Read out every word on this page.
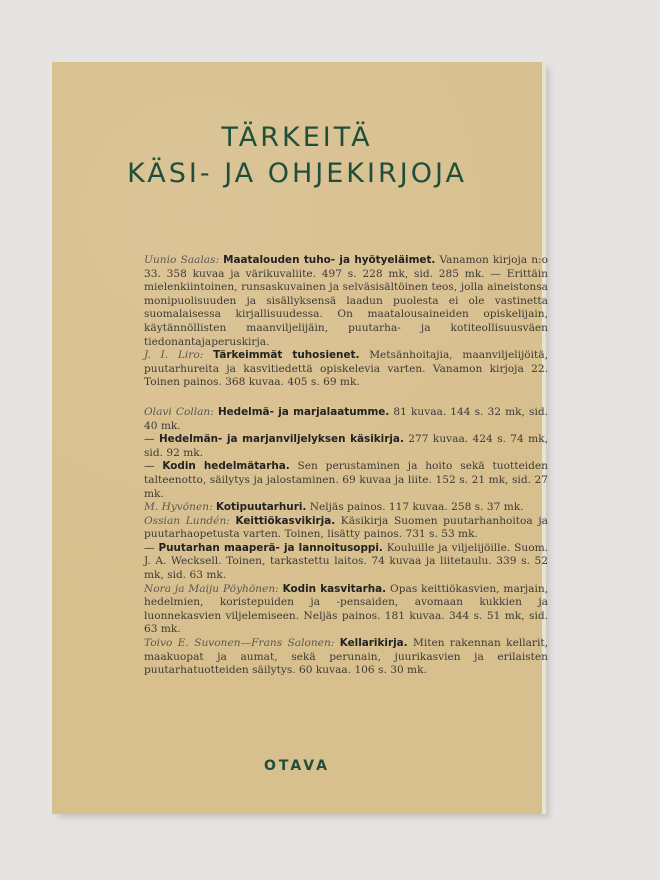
TÄRKEITÄ
KÄSI- JA OHJEKIRJOJA

Uunio Saalas: Maatalouden tuho- ja hyötyeläimet. Vanamon kirjoja n:o 33. 358 kuvaa ja värikuvaliite. 497 s. 228 mk, sid. 285 mk. — Erittäin mielenkiintoinen, runsaskuvainen ja selväsisältöinen teos, jolla aineistonsa monipuolisuuden ja sisällyksensä laadun puolesta ei ole vastinetta suomalaisessa kirjallisuudessa. On maatalousaineiden opiskelijain, käytännöllisten maanviljelijäin, puutarha- ja kotiteollisuusväen tiedonantajaperuskirja.

J. I. Liro: Tärkeimmät tuhosienet. Metsänhoitajia, maanviljelijöitä, puutarhureita ja kasvitiedettä opiskelevia varten. Vanamon kirjoja 22. Toinen painos. 368 kuvaa. 405 s. 69 mk.

Olavi Collan: Hedelmä- ja marjalaatumme. 81 kuvaa. 144 s. 32 mk, sid. 40 mk.

— Hedelmän- ja marjanviljelyksen käsikirja. 277 kuvaa. 424 s. 74 mk, sid. 92 mk.

— Kodin hedelmätarha. Sen perustaminen ja hoito sekä tuotteiden talteenotto, säilytys ja jalostaminen. 69 kuvaa ja liite. 152 s. 21 mk, sid. 27 mk.

M. Hyvönen: Kotipuutarhuri. Neljäs painos. 117 kuvaa. 258 s. 37 mk.

Ossian Lundén: Keittiökasvikirja. Käsikirja Suomen puutarhanhoitoa ja puutarhaopetusta varten. Toinen, lisätty painos. 731 s. 53 mk.

— Puutarhan maaperä- ja lannoitusoppi. Kouluille ja viljelijöille. Suom. J. A. Wecksell. Toinen, tarkastettu laitos. 74 kuvaa ja liitetaulu. 339 s. 52 mk, sid. 63 mk.

Nora ja Maiju Pöyhönen: Kodin kasvitarha. Opas keittiökasvien, marjain, hedelmien, koristepuiden ja -pensaiden, avomaan kukkien ja luonnekasvien viljelemiseen. Neljäs painos. 181 kuvaa. 344 s. 51 mk, sid. 63 mk.

Toivo E. Suvonen—Frans Salonen: Kellarikirja. Miten rakennan kellarit, maakuopat ja aumat, sekä perunain, juurikasvien ja erilaisten puutarhatuotteiden säilytys. 60 kuvaa. 106 s. 30 mk.

OTAVA
